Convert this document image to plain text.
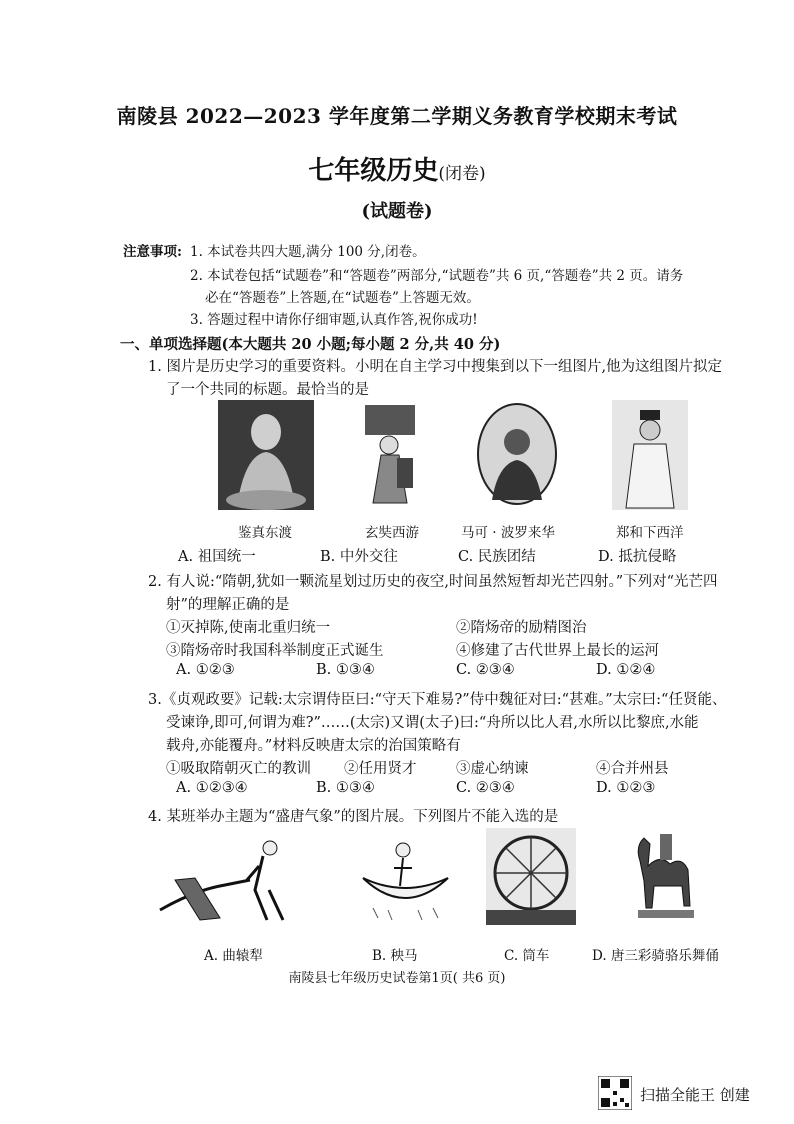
南陵县 2022—2023 学年度第二学期义务教育学校期末考试
七年级历史(闭卷)
(试题卷)
注意事项: 1. 本试卷共四大题,满分 100 分,闭卷。
2. 本试卷包括“试题卷”和“答题卷”两部分,“试题卷”共 6 页,“答题卷”共 2 页。请务
必在“答题卷”上答题,在“试题卷”上答题无效。
3. 答题过程中请你仔细审题,认真作答,祝你成功!
一、单项选择题(本大题共 20 小题;每小题 2 分,共 40 分)
1. 图片是历史学习的重要资料。小明在自主学习中搜集到以下一组图片,他为这组图片拟定
了一个共同的标题。最恰当的是
鉴真东渡	玄奘西游	马可 · 波罗来华	郑和下西洋
A. 祖国统一	B. 中外交往	C. 民族团结	D. 抵抗侵略
2. 有人说:“隋朝,犹如一颗流星划过历史的夜空,时间虽然短暂却光芒四射。”下列对“光芒四
射”的理解正确的是
①灭掉陈,使南北重归统一	②隋炀帝的励精图治
③隋炀帝时我国科举制度正式诞生	④修建了古代世界上最长的运河
A. ①②③	B. ①③④	C. ②③④	D. ①②④
3.《贞观政要》记载:太宗谓侍臣曰:“守天下难易?”侍中魏征对曰:“甚难。”太宗曰:“任贤能、
受谏诤,即可,何谓为难?”……(太宗)又谓(太子)曰:“舟所以比人君,水所以比黎庶,水能
载舟,亦能覆舟。”材料反映唐太宗的治国策略有
①吸取隋朝灭亡的教训 ②任用贤才	③虚心纳谏	④合并州县
A. ①②③④	B. ①③④	C. ②③④	D. ①②③
4. 某班举办主题为“盛唐气象”的图片展。下列图片不能入选的是
A. 曲辕犁	B. 秧马	C. 筒车	D. 唐三彩骑骆乐舞俑
南陵县七年级历史试卷第1页( 共6 页)
扫描全能王 创建
